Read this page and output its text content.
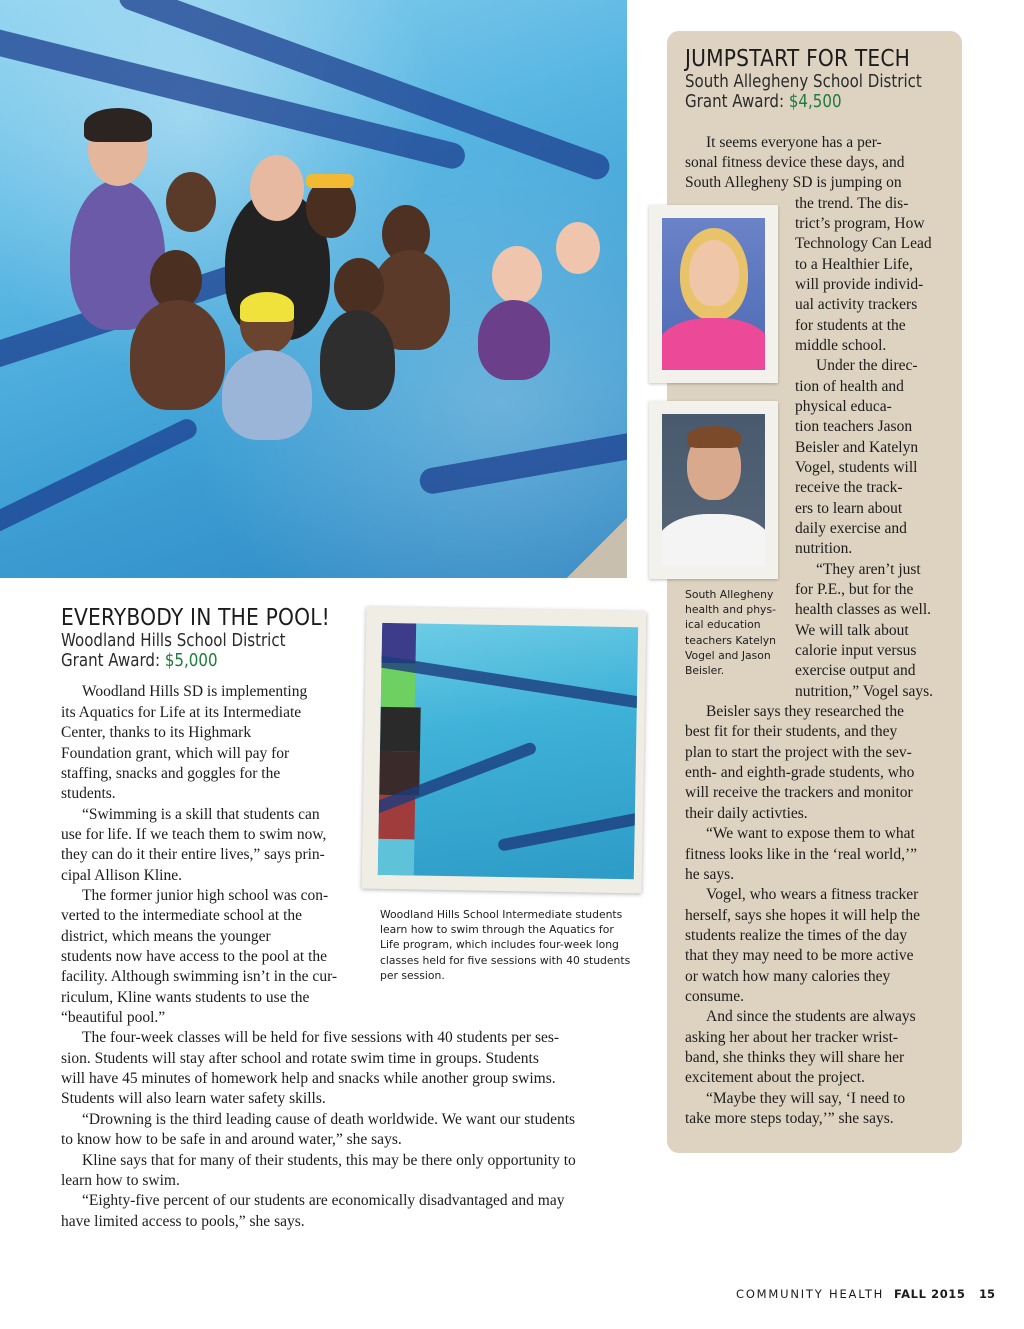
JUMPSTART FOR TECH
South Allegheny School District
Grant Award: $4,500
South Allegheny
health and phys-
ical education
teachers Katelyn
Vogel and Jason
Beisler.
It seems everyone has a per-
sonal fitness device these days, and
South Allegheny SD is jumping on
the trend. The dis-
trict’s program, How
Technology Can Lead
to a Healthier Life,
will provide individ-
ual activity trackers
for students at the
middle school.
Under the direc-
tion of health and
physical educa-
tion teachers Jason
Beisler and Katelyn
Vogel, students will
receive the track-
ers to learn about
daily exercise and
nutrition.
“They aren’t just
for P.E., but for the
health classes as well.
We will talk about
calorie input versus
exercise output and
nutrition,” Vogel says.
Beisler says they researched the
best fit for their students, and they
plan to start the project with the sev-
enth- and eighth-grade students, who
will receive the trackers and monitor
their daily activties.
“We want to expose them to what
fitness looks like in the ‘real world,’”
he says.
Vogel, who wears a fitness tracker
herself, says she hopes it will help the
students realize the times of the day
that they may need to be more active
or watch how many calories they
consume.
And since the students are always
asking her about her tracker wrist-
band, she thinks they will share her
excitement about the project.
“Maybe they will say, ‘I need to
take more steps today,’” she says.
EVERYBODY IN THE POOL!
Woodland Hills School District
Grant Award: $5,000
Woodland Hills School Intermediate students
learn how to swim through the Aquatics for
Life program, which includes four-week long
classes held for five sessions with 40 students
per session.
Woodland Hills SD is implementing
its Aquatics for Life at its Intermediate
Center, thanks to its Highmark
Foundation grant, which will pay for
staffing, snacks and goggles for the
students.
“Swimming is a skill that students can
use for life. If we teach them to swim now,
they can do it their entire lives,” says prin-
cipal Allison Kline.
The former junior high school was con-
verted to the intermediate school at the
district, which means the younger
students now have access to the pool at the
facility. Although swimming isn’t in the cur-
riculum, Kline wants students to use the
“beautiful pool.”
The four-week classes will be held for five sessions with 40 students per ses-
sion. Students will stay after school and rotate swim time in groups. Students
will have 45 minutes of homework help and snacks while another group swims.
Students will also learn water safety skills.
“Drowning is the third leading cause of death worldwide. We want our students
to know how to be safe in and around water,” she says.
Kline says that for many of their students, this may be there only opportunity to
learn how to swim.
“Eighty-five percent of our students are economically disadvantaged and may
have limited access to pools,” she says.
COMMUNITY HEALTH FALL 2015 15
